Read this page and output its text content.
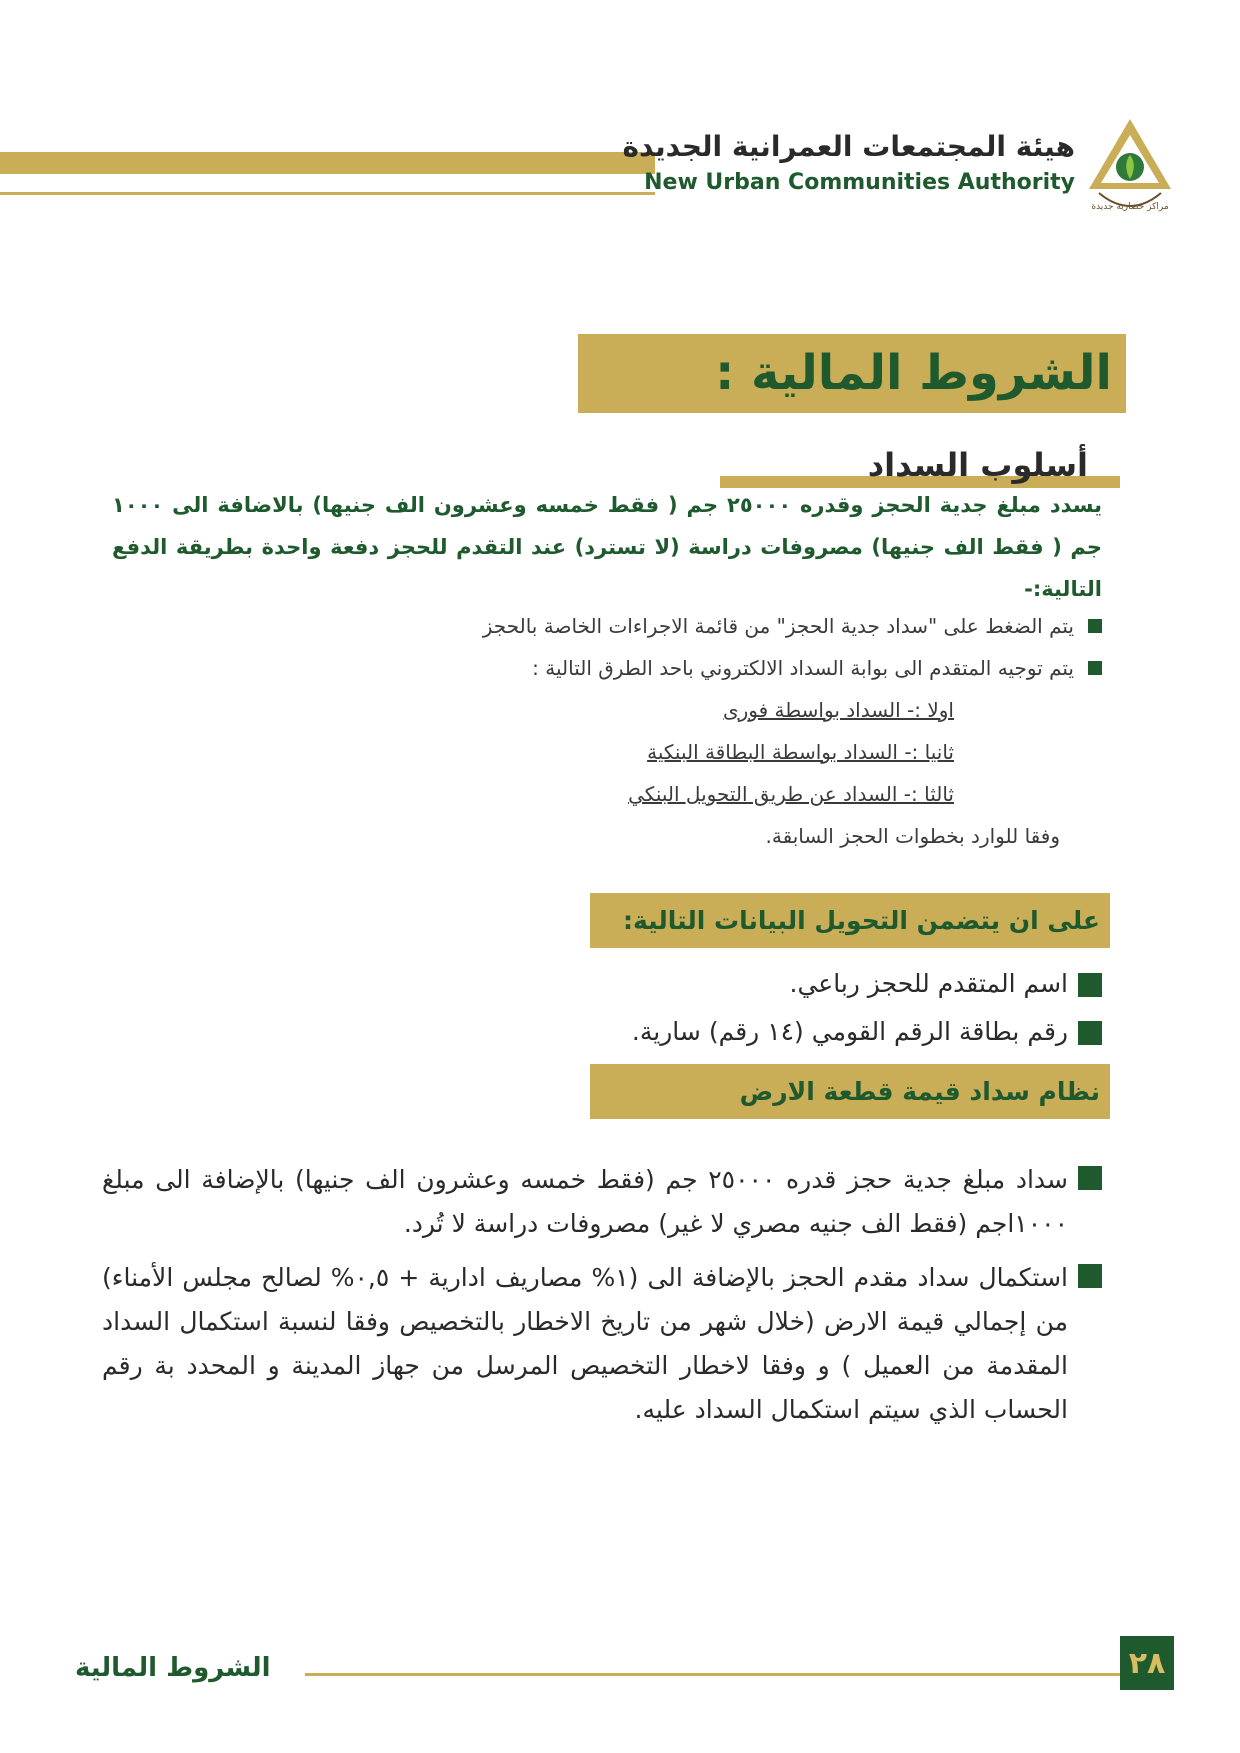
هيئة المجتمعات العمرانية الجديدة
New Urban Communities Authority
مراكز حضارية جديدة
الشروط المالية :
أسلوب السداد
يسدد مبلغ جدية الحجز وقدره ٢٥٠٠٠ جم ( فقط خمسه وعشرون الف جنيها) بالاضافة الى ١٠٠٠ جم ( فقط الف جنيها) مصروفات دراسة (لا تسترد) عند التقدم للحجز دفعة واحدة بطريقة الدفع التالية:-
يتم الضغط على "سداد جدية الحجز" من قائمة الاجراءات الخاصة بالحجز
يتم توجيه المتقدم الى بوابة السداد الالكتروني باحد الطرق التالية :
اولا :- السداد بواسطة فورى
ثانيا :- السداد بواسطة البطاقة البنكية
ثالثا :- السداد عن طريق التحويل البنكي
وفقا للوارد بخطوات الحجز السابقة.
على ان يتضمن التحويل البيانات التالية:
اسم المتقدم للحجز رباعي.
رقم بطاقة الرقم القومي (١٤ رقم) سارية.
نظام سداد قيمة قطعة الارض
سداد مبلغ جدية حجز قدره ٢٥٠٠٠ جم (فقط خمسه وعشرون الف جنيها) بالإضافة الى مبلغ ١٠٠٠اجم (فقط الف جنيه مصري لا غير) مصروفات دراسة لا تُرد.
استكمال سداد مقدم الحجز بالإضافة الى (١% مصاريف ادارية + ٠,٥% لصالح مجلس الأمناء) من إجمالي قيمة الارض (خلال شهر من تاريخ الاخطار بالتخصيص وفقا لنسبة استكمال السداد المقدمة من العميل ) و وفقا لاخطار التخصيص المرسل من جهاز المدينة و المحدد بة رقم الحساب الذي سيتم استكمال السداد عليه.
الشروط المالية	٢٨
